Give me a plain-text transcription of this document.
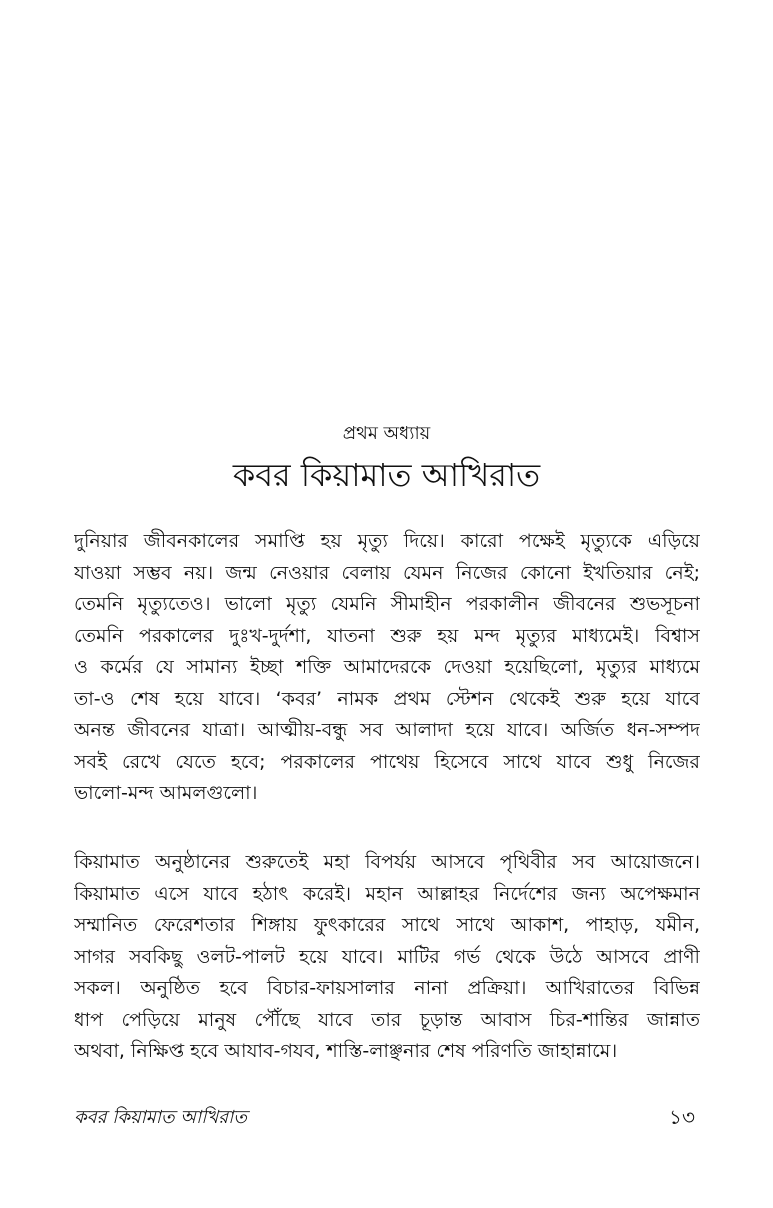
প্রথম অধ্যায়
কবর কিয়ামাত আখিরাত
দুনিয়ার জীবনকালের সমাপ্তি হয় মৃত্যু দিয়ে। কারো পক্ষেই মৃত্যুকে এড়িয়ে
যাওয়া সম্ভব নয়। জন্ম নেওয়ার বেলায় যেমন নিজের কোনো ইখতিয়ার নেই;
তেমনি মৃত্যুতেও। ভালো মৃত্যু যেমনি সীমাহীন পরকালীন জীবনের শুভসূচনা
তেমনি পরকালের দুঃখ-দুর্দশা, যাতনা শুরু হয় মন্দ মৃত্যুর মাধ্যমেই। বিশ্বাস
ও কর্মের যে সামান্য ইচ্ছা শক্তি আমাদেরকে দেওয়া হয়েছিলো, মৃত্যুর মাধ্যমে
তা-ও শেষ হয়ে যাবে। ‘কবর’ নামক প্রথম স্টেশন থেকেই শুরু হয়ে যাবে
অনন্ত জীবনের যাত্রা। আত্মীয়-বন্ধু সব আলাদা হয়ে যাবে। অর্জিত ধন-সম্পদ
সবই রেখে যেতে হবে; পরকালের পাথেয় হিসেবে সাথে যাবে শুধু নিজের
ভালো-মন্দ আমলগুলো।
কিয়ামাত অনুষ্ঠানের শুরুতেই মহা বিপর্যয় আসবে পৃথিবীর সব আয়োজনে।
কিয়ামাত এসে যাবে হঠাৎ করেই। মহান আল্লাহর নির্দেশের জন্য অপেক্ষমান
সম্মানিত ফেরেশতার শিঙ্গায় ফুৎকারের সাথে সাথে আকাশ, পাহাড়, যমীন,
সাগর সবকিছু ওলট-পালট হয়ে যাবে। মাটির গর্ভ থেকে উঠে আসবে প্রাণী
সকল। অনুষ্ঠিত হবে বিচার-ফায়সালার নানা প্রক্রিয়া। আখিরাতের বিভিন্ন
ধাপ পেড়িয়ে মানুষ পৌঁছে যাবে তার চূড়ান্ত আবাস চির-শান্তির জান্নাত
অথবা, নিক্ষিপ্ত হবে আযাব-গযব, শাস্তি-লাঞ্ছনার শেষ পরিণতি জাহান্নামে।
কবর কিয়ামাত আখিরাত	১৩
